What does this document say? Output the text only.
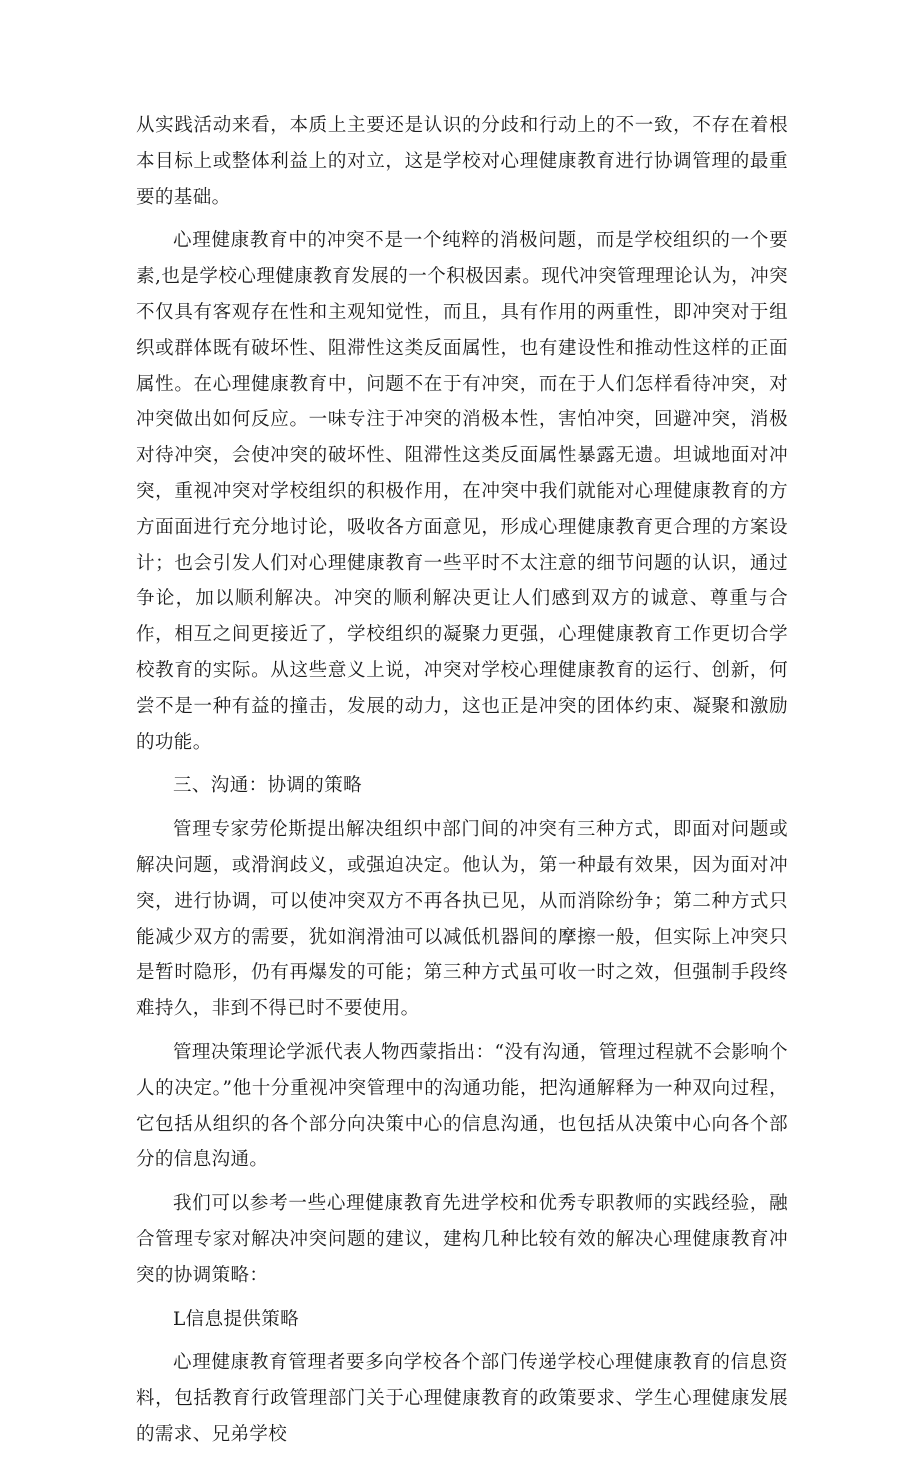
从实践活动来看，本质上主要还是认识的分歧和行动上的不一致，不存在着根本目标上或整体利益上的对立，这是学校对心理健康教育进行协调管理的最重要的基础。

心理健康教育中的冲突不是一个纯粹的消极问题，而是学校组织的一个要素,也是学校心理健康教育发展的一个积极因素。现代冲突管理理论认为，冲突不仅具有客观存在性和主观知觉性，而且，具有作用的两重性，即冲突对于组织或群体既有破坏性、阻滞性这类反面属性，也有建设性和推动性这样的正面属性。在心理健康教育中，问题不在于有冲突，而在于人们怎样看待冲突，对冲突做出如何反应。一味专注于冲突的消极本性，害怕冲突，回避冲突，消极对待冲突，会使冲突的破坏性、阻滞性这类反面属性暴露无遗。坦诚地面对冲突，重视冲突对学校组织的积极作用，在冲突中我们就能对心理健康教育的方方面面进行充分地讨论，吸收各方面意见，形成心理健康教育更合理的方案设计；也会引发人们对心理健康教育一些平时不太注意的细节问题的认识，通过争论，加以顺利解决。冲突的顺利解决更让人们感到双方的诚意、尊重与合作，相互之间更接近了，学校组织的凝聚力更强，心理健康教育工作更切合学校教育的实际。从这些意义上说，冲突对学校心理健康教育的运行、创新，何尝不是一种有益的撞击，发展的动力，这也正是冲突的团体约束、凝聚和激励的功能。

三、沟通：协调的策略

管理专家劳伦斯提出解决组织中部门间的冲突有三种方式，即面对问题或解决问题，或滑润歧义，或强迫决定。他认为，第一种最有效果，因为面对冲突，进行协调，可以使冲突双方不再各执已见，从而消除纷争；第二种方式只能减少双方的需要，犹如润滑油可以减低机器间的摩擦一般，但实际上冲突只是暂时隐形，仍有再爆发的可能；第三种方式虽可收一时之效，但强制手段终难持久，非到不得已时不要使用。

管理决策理论学派代表人物西蒙指出：“没有沟通，管理过程就不会影响个人的决定。”他十分重视冲突管理中的沟通功能，把沟通解释为一种双向过程，它包括从组织的各个部分向决策中心的信息沟通，也包括从决策中心向各个部分的信息沟通。

我们可以参考一些心理健康教育先进学校和优秀专职教师的实践经验，融合管理专家对解决冲突问题的建议，建构几种比较有效的解决心理健康教育冲突的协调策略：

L信息提供策略

心理健康教育管理者要多向学校各个部门传递学校心理健康教育的信息资料，包括教育行政管理部门关于心理健康教育的政策要求、学生心理健康发展的需求、兄弟学校
